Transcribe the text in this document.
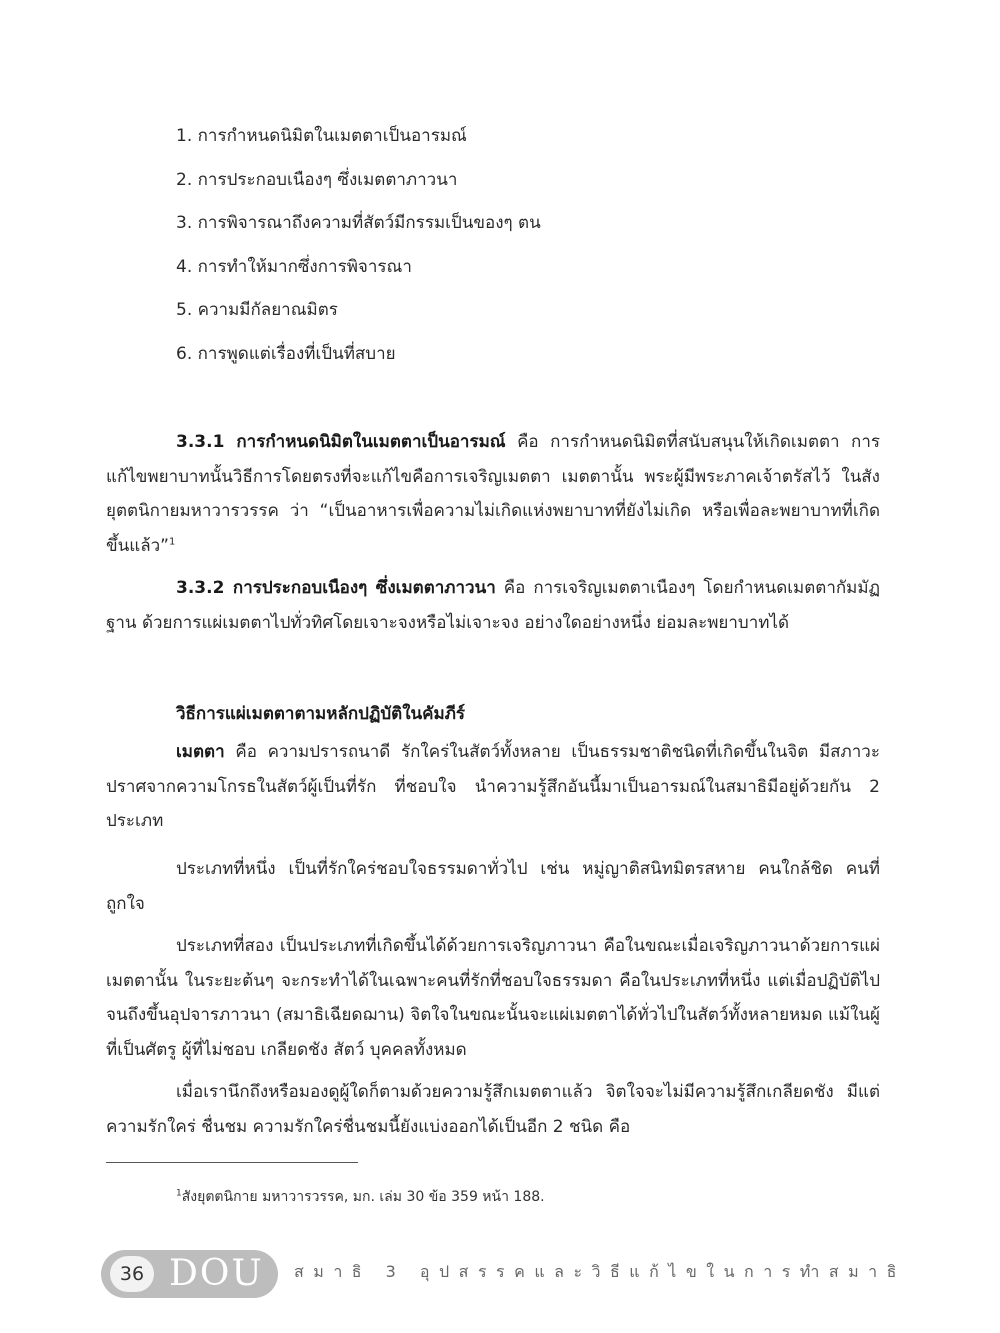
1. การกำหนดนิมิตในเมตตาเป็นอารมณ์
2. การประกอบเนืองๆ ซึ่งเมตตาภาวนา
3. การพิจารณาถึงความที่สัตว์มีกรรมเป็นของๆ ตน
4. การทำให้มากซึ่งการพิจารณา
5. ความมีกัลยาณมิตร
6. การพูดแต่เรื่องที่เป็นที่สบาย

3.3.1 การกำหนดนิมิตในเมตตาเป็นอารมณ์ คือ การกำหนดนิมิตที่สนับสนุนให้เกิดเมตตา การแก้ไขพยาบาทนั้นวิธีการโดยตรงที่จะแก้ไขคือการเจริญเมตตา เมตตานั้น พระผู้มีพระภาคเจ้าตรัสไว้ ในสังยุตตนิกายมหาวารวรรค ว่า “เป็นอาหารเพื่อความไม่เกิดแห่งพยาบาทที่ยังไม่เกิด หรือเพื่อละพยาบาทที่เกิดขึ้นแล้ว”$^1$

3.3.2 การประกอบเนืองๆ ซึ่งเมตตาภาวนา คือ การเจริญเมตตาเนืองๆ โดยกำหนดเมตตากัมมัฏฐาน ด้วยการแผ่เมตตาไปทั่วทิศโดยเจาะจงหรือไม่เจาะจง อย่างใดอย่างหนึ่ง ย่อมละพยาบาทได้

วิธีการแผ่เมตตาตามหลักปฏิบัติในคัมภีร์

เมตตา คือ ความปรารถนาดี รักใคร่ในสัตว์ทั้งหลาย เป็นธรรมชาติชนิดที่เกิดขึ้นในจิต มีสภาวะปราศจากความโกรธในสัตว์ผู้เป็นที่รัก ที่ชอบใจ นำความรู้สึกอันนี้มาเป็นอารมณ์ในสมาธิมีอยู่ด้วยกัน 2 ประเภท

ประเภทที่หนึ่ง เป็นที่รักใคร่ชอบใจธรรมดาทั่วไป เช่น หมู่ญาติสนิทมิตรสหาย คนใกล้ชิด คนที่ถูกใจ

ประเภทที่สอง เป็นประเภทที่เกิดขึ้นได้ด้วยการเจริญภาวนา คือในขณะเมื่อเจริญภาวนาด้วยการแผ่เมตตานั้น ในระยะต้นๆ จะกระทำได้ในเฉพาะคนที่รักที่ชอบใจธรรมดา คือในประเภทที่หนึ่ง แต่เมื่อปฏิบัติไปจนถึงขึ้นอุปจารภาวนา (สมาธิเฉียดฌาน) จิตใจในขณะนั้นจะแผ่เมตตาได้ทั่วไปในสัตว์ทั้งหลายหมด แม้ในผู้ที่เป็นศัตรู ผู้ที่ไม่ชอบ เกลียดชัง สัตว์ บุคคลทั้งหมด

เมื่อเรานึกถึงหรือมองดูผู้ใดก็ตามด้วยความรู้สึกเมตตาแล้ว จิตใจจะไม่มีความรู้สึกเกลียดชัง มีแต่ความรักใคร่ ชื่นชม ความรักใคร่ชื่นชมนี้ยังแบ่งออกได้เป็นอีก 2 ชนิด คือ

$^1$สังยุตตนิกาย มหาวารวรรค, มก. เล่ม 30 ข้อ 359 หน้า 188.
36 DOU สมาธิ 3 อุปสรรคและวิธีแก้ไขในการทำสมาธิ
